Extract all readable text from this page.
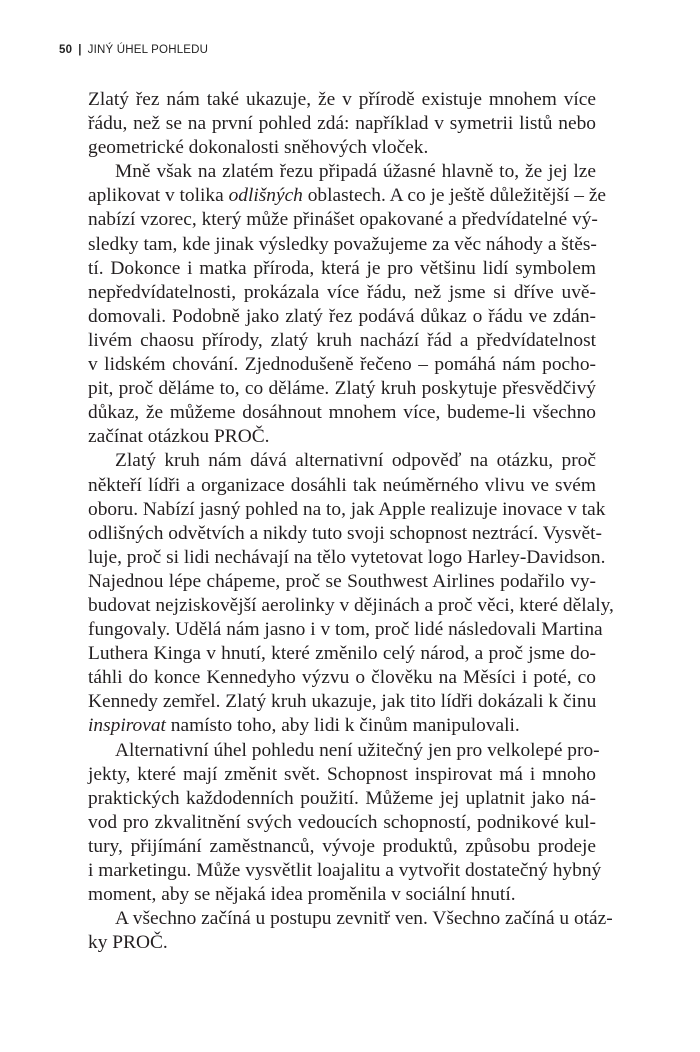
50 | JINÝ ÚHEL POHLEDU
Zlatý řez nám také ukazuje, že v přírodě existuje mnohem více
řádu, než se na první pohled zdá: například v symetrii listů nebo
geometrické dokonalosti sněhových vloček.
Mně však na zlatém řezu připadá úžasné hlavně to, že jej lze
aplikovat v tolika odlišných oblastech. A co je ještě důležitější – že
nabízí vzorec, který může přinášet opakované a předvídatelné vý-
sledky tam, kde jinak výsledky považujeme za věc náhody a štěs-
tí. Dokonce i matka příroda, která je pro většinu lidí symbolem
nepředvídatelnosti, prokázala více řádu, než jsme si dříve uvě-
domovali. Podobně jako zlatý řez podává důkaz o řádu ve zdán-
livém chaosu přírody, zlatý kruh nachází řád a předvídatelnost
v lidském chování. Zjednodušeně řečeno – pomáhá nám pocho-
pit, proč děláme to, co děláme. Zlatý kruh poskytuje přesvědčivý
důkaz, že můžeme dosáhnout mnohem více, budeme-li všechno
začínat otázkou PROČ.
Zlatý kruh nám dává alternativní odpověď na otázku, proč
někteří lídři a organizace dosáhli tak neúměrného vlivu ve svém
oboru. Nabízí jasný pohled na to, jak Apple realizuje inovace v tak
odlišných odvětvích a nikdy tuto svoji schopnost neztrácí. Vysvět-
luje, proč si lidi nechávají na tělo vytetovat logo Harley-Davidson.
Najednou lépe chápeme, proč se Southwest Airlines podařilo vy-
budovat nejziskovější aerolinky v dějinách a proč věci, které dělaly,
fungovaly. Udělá nám jasno i v tom, proč lidé následovali Martina
Luthera Kinga v hnutí, které změnilo celý národ, a proč jsme do-
táhli do konce Kennedyho výzvu o člověku na Měsíci i poté, co
Kennedy zemřel. Zlatý kruh ukazuje, jak tito lídři dokázali k činu
inspirovat namísto toho, aby lidi k činům manipulovali.
Alternativní úhel pohledu není užitečný jen pro velkolepé pro-
jekty, které mají změnit svět. Schopnost inspirovat má i mnoho
praktických každodenních použití. Můžeme jej uplatnit jako ná-
vod pro zkvalitnění svých vedoucích schopností, podnikové kul-
tury, přijímání zaměstnanců, vývoje produktů, způsobu prodeje
i marketingu. Může vysvětlit loajalitu a vytvořit dostatečný hybný
moment, aby se nějaká idea proměnila v sociální hnutí.
A všechno začíná u postupu zevnitř ven. Všechno začíná u otáz-
ky PROČ.
